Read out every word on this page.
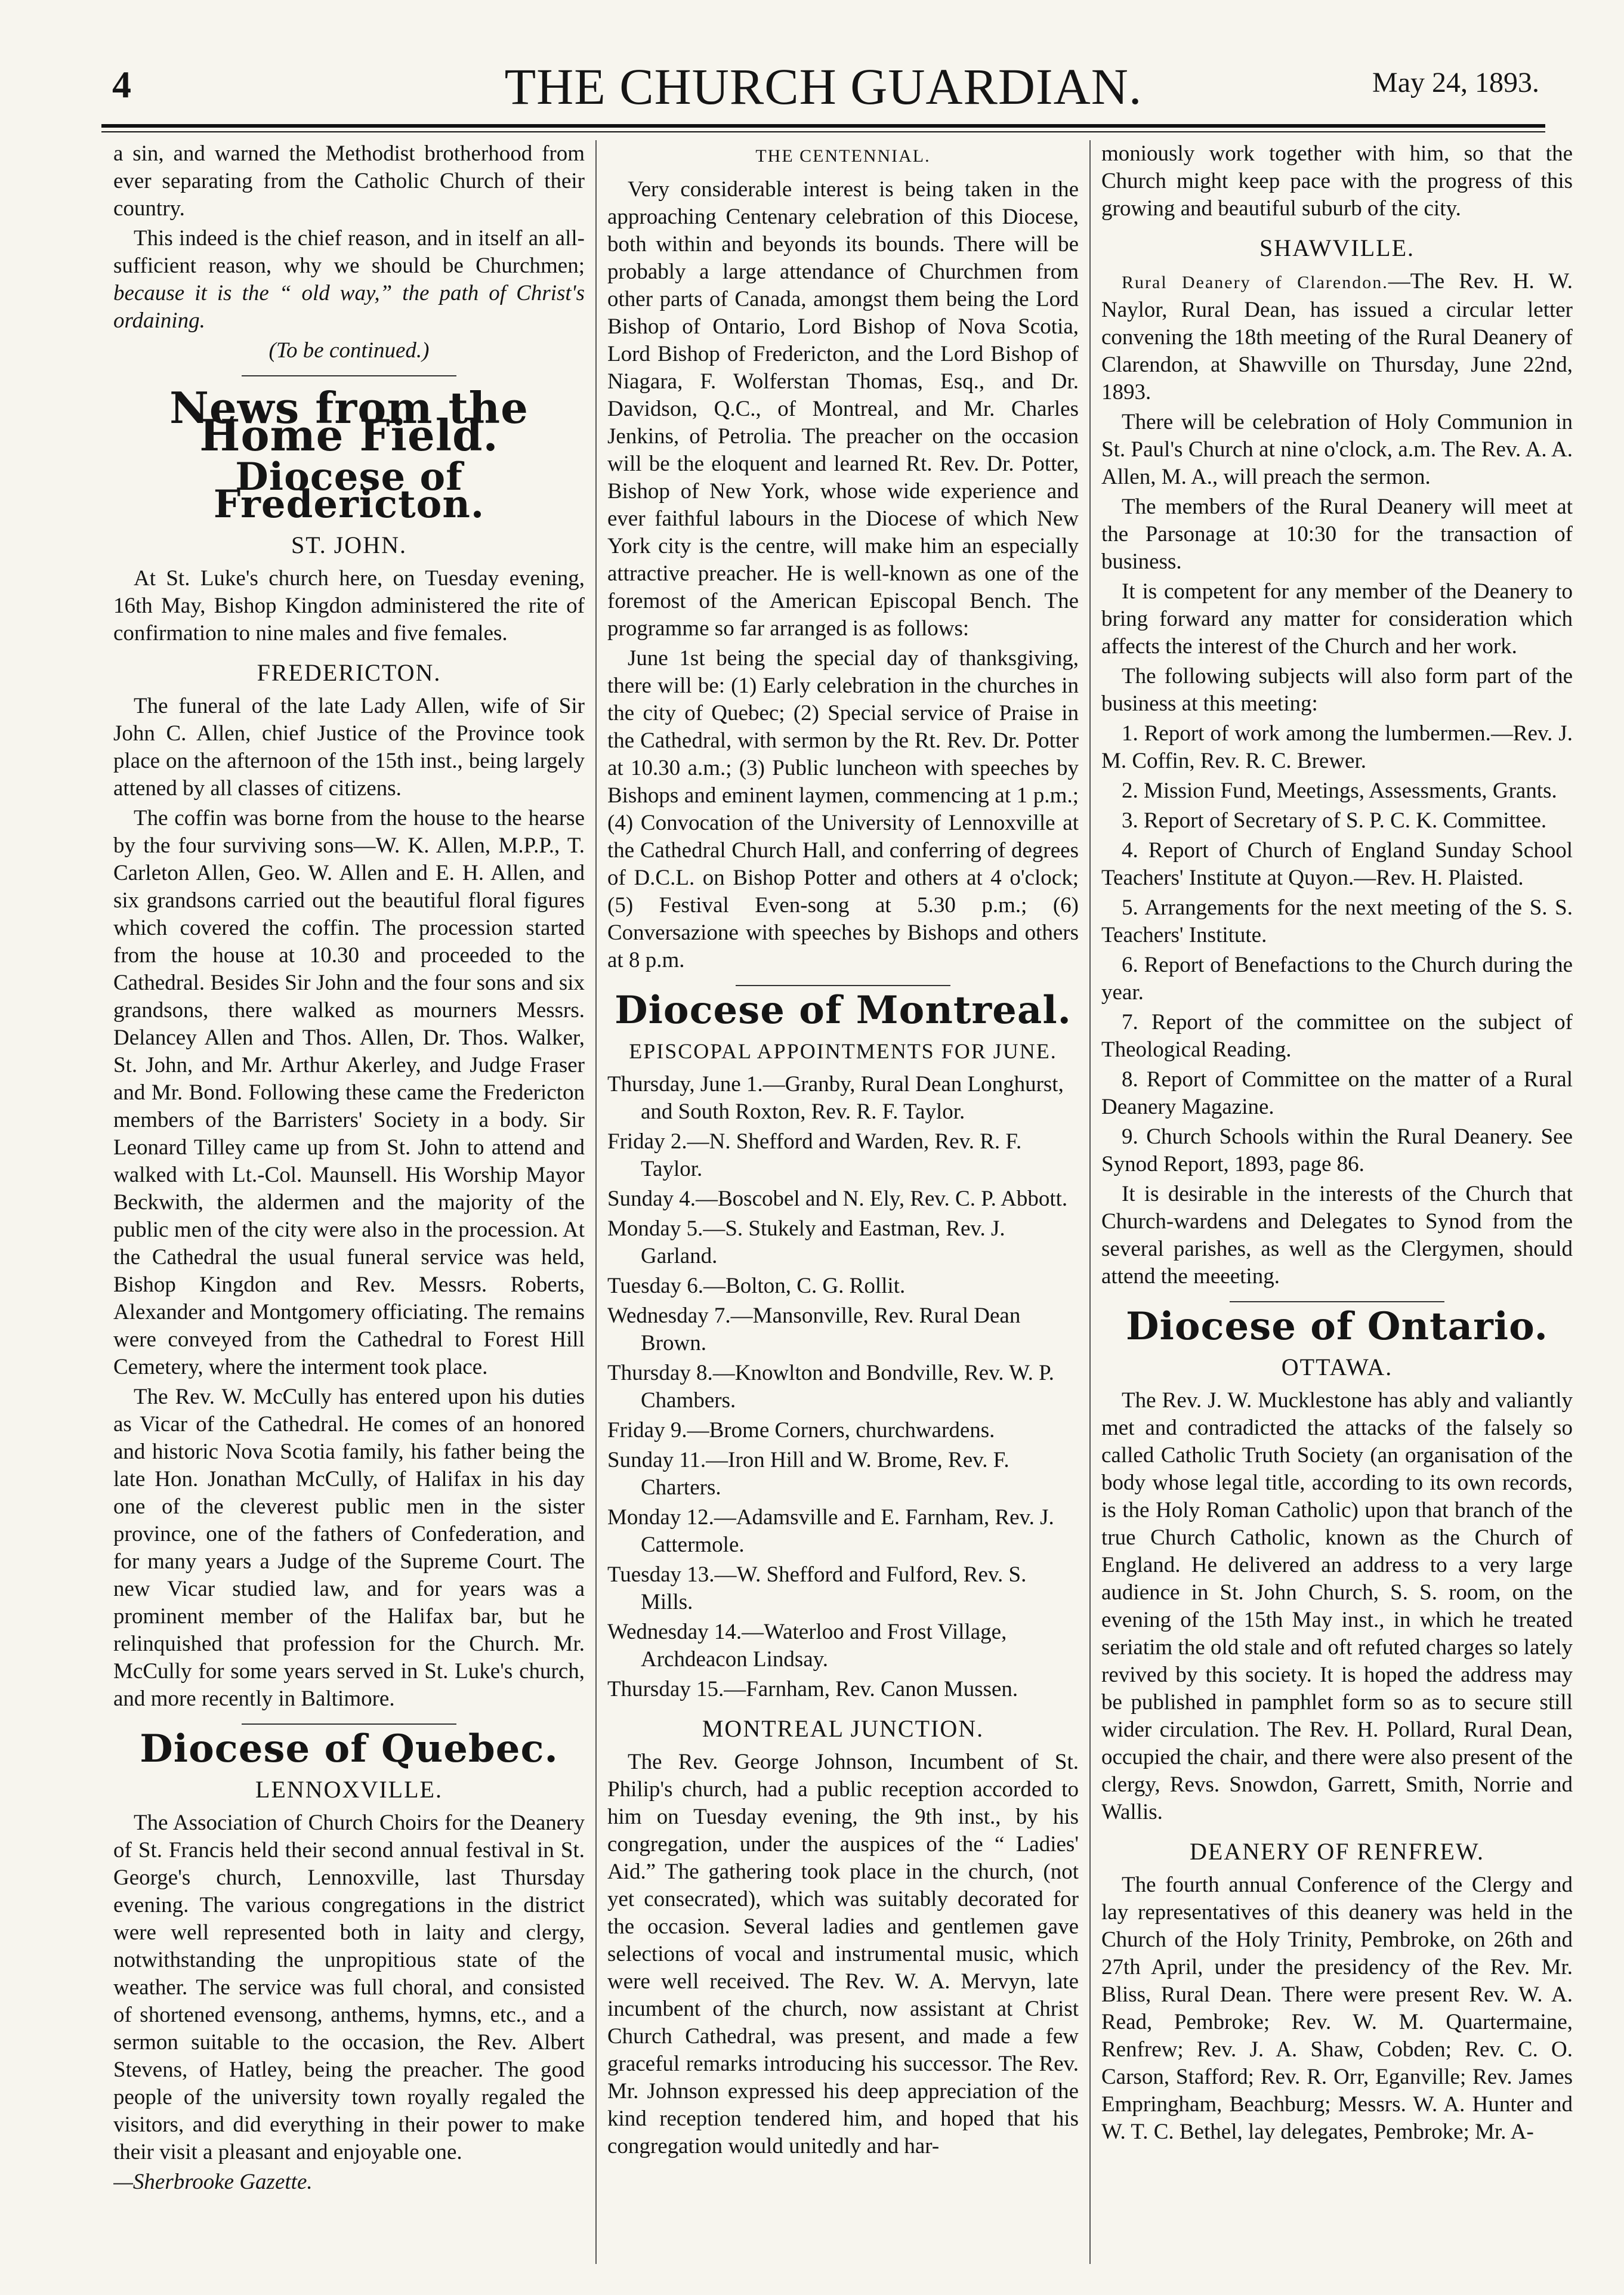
4	THE CHURCH GUARDIAN.	May 24, 1893.

a sin, and warned the Methodist brotherhood from ever separating from the Catholic Church of their country.

This indeed is the chief reason, and in itself an all-sufficient reason, why we should be Churchmen; because it is the “ old way,” the path of Christ's ordaining.

(To be continued.)

News from the Home Field.
Diocese of Fredericton.
ST. JOHN.

At St. Luke's church here, on Tuesday evening, 16th May, Bishop Kingdon administered the rite of confirmation to nine males and five females.

FREDERICTON.

The funeral of the late Lady Allen, wife of Sir John C. Allen, chief Justice of the Province took place on the afternoon of the 15th inst., being largely attened by all classes of citizens.

The coffin was borne from the house to the hearse by the four surviving sons—W. K. Allen, M.P.P., T. Carleton Allen, Geo. W. Allen and E. H. Allen, and six grandsons carried out the beautiful floral figures which covered the coffin. The procession started from the house at 10.30 and proceeded to the Cathedral. Besides Sir John and the four sons and six grandsons, there walked as mourners Messrs. Delancey Allen and Thos. Allen, Dr. Thos. Walker, St. John, and Mr. Arthur Akerley, and Judge Fraser and Mr. Bond. Following these came the Fredericton members of the Barristers' Society in a body. Sir Leonard Tilley came up from St. John to attend and walked with Lt.-Col. Maunsell. His Worship Mayor Beckwith, the aldermen and the majority of the public men of the city were also in the procession. At the Cathedral the usual funeral service was held, Bishop Kingdon and Rev. Messrs. Roberts, Alexander and Montgomery officiating. The remains were conveyed from the Cathedral to Forest Hill Cemetery, where the interment took place.

The Rev. W. McCully has entered upon his duties as Vicar of the Cathedral. He comes of an honored and historic Nova Scotia family, his father being the late Hon. Jonathan McCully, of Halifax in his day one of the cleverest public men in the sister province, one of the fathers of Confederation, and for many years a Judge of the Supreme Court. The new Vicar studied law, and for years was a prominent member of the Halifax bar, but he relinquished that profession for the Church. Mr. McCully for some years served in St. Luke's church, and more recently in Baltimore.

Diocese of Quebec.
LENNOXVILLE.

The Association of Church Choirs for the Deanery of St. Francis held their second annual festival in St. George's church, Lennoxville, last Thursday evening. The various congregations in the district were well represented both in laity and clergy, notwithstanding the unpropitious state of the weather. The service was full choral, and consisted of shortened evensong, anthems, hymns, etc., and a sermon suitable to the occasion, the Rev. Albert Stevens, of Hatley, being the preacher. The good people of the university town royally regaled the visitors, and did everything in their power to make their visit a pleasant and enjoyable one.

—Sherbrooke Gazette.

THE CENTENNIAL.

Very considerable interest is being taken in the approaching Centenary celebration of this Diocese, both within and beyonds its bounds. There will be probably a large attendance of Churchmen from other parts of Canada, amongst them being the Lord Bishop of Ontario, Lord Bishop of Nova Scotia, Lord Bishop of Fredericton, and the Lord Bishop of Niagara, F. Wolferstan Thomas, Esq., and Dr. Davidson, Q.C., of Montreal, and Mr. Charles Jenkins, of Petrolia. The preacher on the occasion will be the eloquent and learned Rt. Rev. Dr. Potter, Bishop of New York, whose wide experience and ever faithful labours in the Diocese of which New York city is the centre, will make him an especially attractive preacher. He is well-known as one of the foremost of the American Episcopal Bench. The programme so far arranged is as follows:

June 1st being the special day of thanksgiving, there will be: (1) Early celebration in the churches in the city of Quebec; (2) Special service of Praise in the Cathedral, with sermon by the Rt. Rev. Dr. Potter at 10.30 a.m.; (3) Public luncheon with speeches by Bishops and eminent laymen, commencing at 1 p.m.; (4) Convocation of the University of Lennoxville at the Cathedral Church Hall, and conferring of degrees of D.C.L. on Bishop Potter and others at 4 o'clock; (5) Festival Even-song at 5.30 p.m.; (6) Conversazione with speeches by Bishops and others at 8 p.m.

Diocese of Montreal.
EPISCOPAL APPOINTMENTS FOR JUNE.

Thursday, June 1.—Granby, Rural Dean Longhurst, and South Roxton, Rev. R. F. Taylor.

Friday 2.—N. Shefford and Warden, Rev. R. F. Taylor.

Sunday 4.—Boscobel and N. Ely, Rev. C. P. Abbott.

Monday 5.—S. Stukely and Eastman, Rev. J. Garland.

Tuesday 6.—Bolton, C. G. Rollit.

Wednesday 7.—Mansonville, Rev. Rural Dean Brown.

Thursday 8.—Knowlton and Bondville, Rev. W. P. Chambers.

Friday 9.—Brome Corners, churchwardens.

Sunday 11.—Iron Hill and W. Brome, Rev. F. Charters.

Monday 12.—Adamsville and E. Farnham, Rev. J. Cattermole.

Tuesday 13.—W. Shefford and Fulford, Rev. S. Mills.

Wednesday 14.—Waterloo and Frost Village, Archdeacon Lindsay.

Thursday 15.—Farnham, Rev. Canon Mussen.

MONTREAL JUNCTION.

The Rev. George Johnson, Incumbent of St. Philip's church, had a public reception accorded to him on Tuesday evening, the 9th inst., by his congregation, under the auspices of the “ Ladies' Aid.” The gathering took place in the church, (not yet consecrated), which was suitably decorated for the occasion. Several ladies and gentlemen gave selections of vocal and instrumental music, which were well received. The Rev. W. A. Mervyn, late incumbent of the church, now assistant at Christ Church Cathedral, was present, and made a few graceful remarks introducing his successor. The Rev. Mr. Johnson expressed his deep appreciation of the kind reception tendered him, and hoped that his congregation would unitedly and har-

moniously work together with him, so that the Church might keep pace with the progress of this growing and beautiful suburb of the city.

SHAWVILLE.

Rural Deanery of Clarendon.—The Rev. H. W. Naylor, Rural Dean, has issued a circular letter convening the 18th meeting of the Rural Deanery of Clarendon, at Shawville on Thursday, June 22nd, 1893.

There will be celebration of Holy Communion in St. Paul's Church at nine o'clock, a.m. The Rev. A. A. Allen, M. A., will preach the sermon.

The members of the Rural Deanery will meet at the Parsonage at 10:30 for the transaction of business.

It is competent for any member of the Deanery to bring forward any matter for consideration which affects the interest of the Church and her work.

The following subjects will also form part of the business at this meeting:

1. Report of work among the lumbermen.—Rev. J. M. Coffin, Rev. R. C. Brewer.

2. Mission Fund, Meetings, Assessments, Grants.

3. Report of Secretary of S. P. C. K. Committee.

4. Report of Church of England Sunday School Teachers' Institute at Quyon.—Rev. H. Plaisted.

5. Arrangements for the next meeting of the S. S. Teachers' Institute.

6. Report of Benefactions to the Church during the year.

7. Report of the committee on the subject of Theological Reading.

8. Report of Committee on the matter of a Rural Deanery Magazine.

9. Church Schools within the Rural Deanery. See Synod Report, 1893, page 86.

It is desirable in the interests of the Church that Church-wardens and Delegates to Synod from the several parishes, as well as the Clergymen, should attend the meeeting.

Diocese of Ontario.
OTTAWA.

The Rev. J. W. Mucklestone has ably and valiantly met and contradicted the attacks of the falsely so called Catholic Truth Society (an organisation of the body whose legal title, according to its own records, is the Holy Roman Catholic) upon that branch of the true Church Catholic, known as the Church of England. He delivered an address to a very large audience in St. John Church, S. S. room, on the evening of the 15th May inst., in which he treated seriatim the old stale and oft refuted charges so lately revived by this society. It is hoped the address may be published in pamphlet form so as to secure still wider circulation. The Rev. H. Pollard, Rural Dean, occupied the chair, and there were also present of the clergy, Revs. Snowdon, Garrett, Smith, Norrie and Wallis.

DEANERY OF RENFREW.

The fourth annual Conference of the Clergy and lay representatives of this deanery was held in the Church of the Holy Trinity, Pembroke, on 26th and 27th April, under the presidency of the Rev. Mr. Bliss, Rural Dean. There were present Rev. W. A. Read, Pembroke; Rev. W. M. Quartermaine, Renfrew; Rev. J. A. Shaw, Cobden; Rev. C. O. Carson, Stafford; Rev. R. Orr, Eganville; Rev. James Empringham, Beachburg; Messrs. W. A. Hunter and W. T. C. Bethel, lay delegates, Pembroke; Mr. A-
